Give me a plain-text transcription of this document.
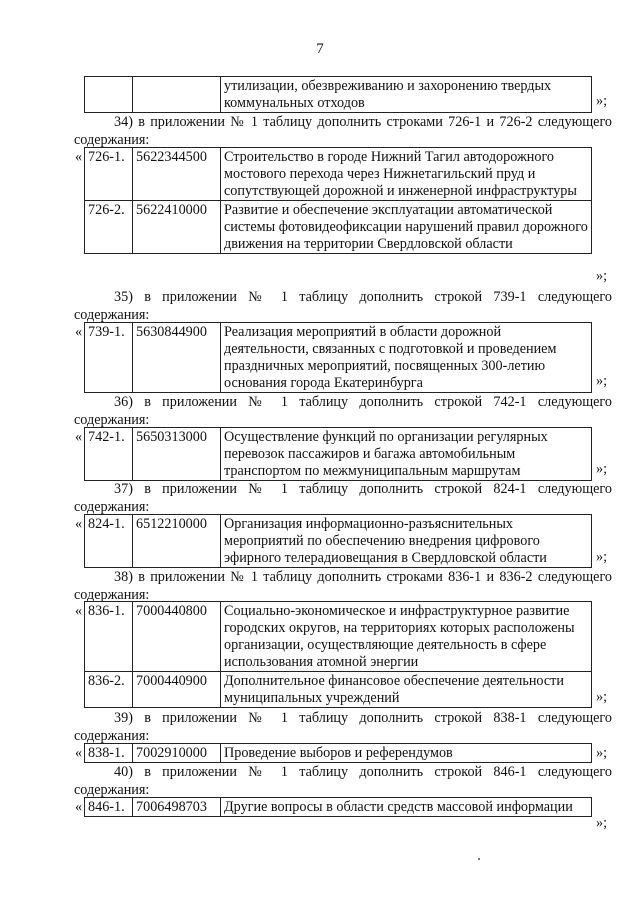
7
		утилизации, обезвреживанию и захоронению твердых коммунальных отходов	»;
34) в приложении № 1 таблицу дополнить строками 726-1 и 726-2 следующего содержания:
« 726-1.	5622344500	Строительство в городе Нижний Тагил автодорожного мостового перехода через Нижнетагильский пруд и сопутствующей дорожной и инженерной инфраструктуры
726-2.	5622410000	Развитие и обеспечение эксплуатации автоматической системы фотовидеофиксации нарушений правил дорожного движения на территории Свердловской области
»;
35) в приложении № 1 таблицу дополнить строкой 739-1 следующего содержания:
« 739-1.	5630844900	Реализация мероприятий в области дорожной деятельности, связанных с подготовкой и проведением праздничных мероприятий, посвященных 300-летию основания города Екатеринбурга	»;
36) в приложении № 1 таблицу дополнить строкой 742-1 следующего содержания:
« 742-1.	5650313000	Осуществление функций по организации регулярных перевозок пассажиров и багажа автомобильным транспортом по межмуниципальным маршрутам	»;
37) в приложении № 1 таблицу дополнить строкой 824-1 следующего содержания:
« 824-1.	6512210000	Организация информационно-разъяснительных мероприятий по обеспечению внедрения цифрового эфирного телерадиовещания в Свердловской области	»;
38) в приложении № 1 таблицу дополнить строками 836-1 и 836-2 следующего содержания:
« 836-1.	7000440800	Социально-экономическое и инфраструктурное развитие городских округов, на территориях которых расположены организации, осуществляющие деятельность в сфере использования атомной энергии
836-2.	7000440900	Дополнительное финансовое обеспечение деятельности муниципальных учреждений	»;
39) в приложении № 1 таблицу дополнить строкой 838-1 следующего содержания:
« 838-1.	7002910000	Проведение выборов и референдумов	»;
40) в приложении № 1 таблицу дополнить строкой 846-1 следующего содержания:
« 846-1.	7006498703	Другие вопросы в области средств массовой информации
»;
